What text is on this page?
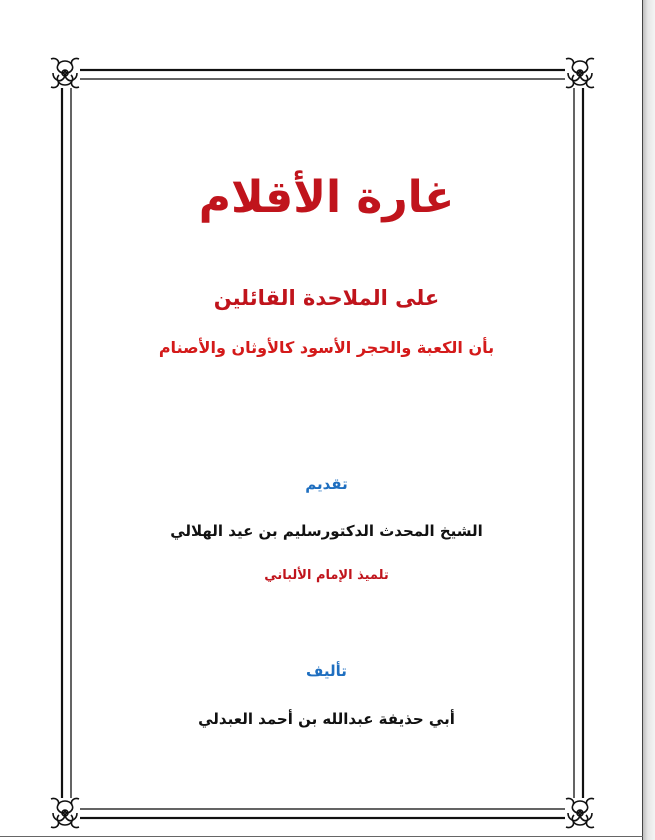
غارة الأقلام
على الملاحدة القائلين
بأن الكعبة والحجر الأسود كالأوثان والأصنام
تقديم
الشيخ المحدث الدكتورسليم بن عيد الهلالي
تلميذ الإمام الألباني
تأليف
أبي حذيفة عبدالله بن أحمد العبدلي
